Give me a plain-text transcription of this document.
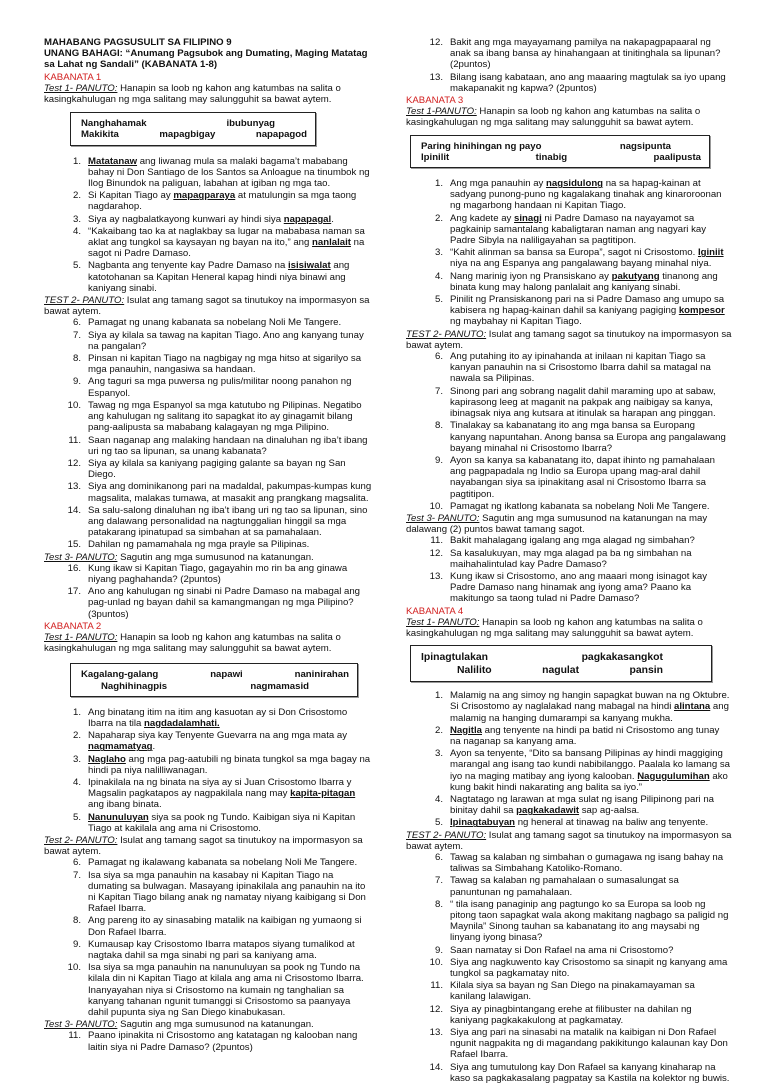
MAHABANG PAGSUSULIT SA FILIPINO 9

UNANG BAHAGI: “Anumang Pagsubok ang Dumating, Maging Matatag

sa Lahat ng Sandali” (KABANATA 1-8)

KABANATA 1

Test 1- PANUTO: Hanapin sa loob ng kahon ang katumbas na salita o kasingkahulugan ng mga salitang may salungguhit sa bawat aytem.

Nanghahamak	ibubunyag
Makikita	mapagbigay	napapagod
1. Matatanaw ang liwanag mula sa malaki bagama’t mababang bahay ni Don Santiago de los Santos sa Anloague na tinumbok ng Ilog Binundok na paliguan, labahan at igiban ng mga tao.
2. Si Kapitan Tiago ay mapagparaya at matulungin sa mga taong nagdarahop.
3. Siya ay nagbalatkayong kunwari ay hindi siya napapagal.
4. “Kakaibang tao ka at naglakbay sa lugar na mababasa naman sa aklat ang tungkol sa kaysayan ng bayan na ito,” ang nanlalait na sagot ni Padre Damaso.
5. Nagbanta ang tenyente kay Padre Damaso na isisiwalat ang katotohanan sa Kapitan Heneral kapag hindi niya binawi ang kaniyang sinabi.

TEST 2- PANUTO: Isulat ang tamang sagot sa tinutukoy na impormasyon sa bawat aytem.

6. Pamagat ng unang kabanata sa nobelang Noli Me Tangere.
7. Siya ay kilala sa tawag na kapitan Tiago. Ano ang kanyang tunay na pangalan?
8. Pinsan ni kapitan Tiago na nagbigay ng mga hitso at sigarilyo sa mga panauhin, nangasiwa sa handaan.
9. Ang taguri sa mga puwersa ng pulis/militar noong panahon ng Espanyol.
10. Tawag ng mga Espanyol sa mga katutubo ng Pilipinas. Negatibo ang kahulugan ng salitang ito sapagkat ito ay ginagamit bilang pang-aalipusta sa mababang kalagayan ng mga Pilipino.
11. Saan naganap ang malaking handaan na dinaluhan ng iba’t ibang uri ng tao sa lipunan, sa unang kabanata?
12. Siya ay kilala sa kaniyang pagiging galante sa bayan ng San Diego.
13. Siya ang dominikanong pari na madaldal, pakumpas-kumpas kung magsalita, malakas tumawa, at masakit ang prangkang magsalita.
14. Sa salu-salong dinaluhan ng iba’t ibang uri ng tao sa lipunan, sino ang dalawang personalidad na nagtunggalian hinggil sa mga patakarang ipinatupad sa simbahan at sa pamahalaan.
15. Dahilan ng pamamahala ng mga prayle sa Pilipinas.

Test 3- PANUTO: Sagutin ang mga sumusunod na katanungan.

16. Kung ikaw si Kapitan Tiago, gagayahin mo rin ba ang ginawa niyang paghahanda? (2puntos)
17. Ano ang kahulugan ng sinabi ni Padre Damaso na mabagal ang pag-unlad ng bayan dahil sa kamangmangan ng mga Pilipino? (3puntos)
KABANATA 2

Test 1- PANUTO: Hanapin sa loob ng kahon ang katumbas na salita o kasingkahulugan ng mga salitang may salungguhit sa bawat aytem.

Kagalang-galang	napawi	naninirahan
Naghihinagpis	nagmamasid
1. Ang binatang itim na itim ang kasuotan ay si Don Crisostomo Ibarra na tila nagdadalamhati.
2. Napaharap siya kay Tenyente Guevarra na ang mga mata ay nagmamatyag.
3. Naglaho ang mga pag-aatubili ng binata tungkol sa mga bagay na hindi pa niya nalilliwanagan.
4. Ipinakilala na ng binata na siya ay si Juan Crisostomo Ibarra y Magsalin pagkatapos ay nagpakilala nang may kapita-pitagan ang ibang binata.
5. Nanunuluyan siya sa pook ng Tundo. Kaibigan siya ni Kapitan Tiago at kakilala ang ama ni Crisostomo.

Test 2- PANUTO: Isulat ang tamang sagot sa tinutukoy na impormasyon sa bawat aytem.

6. Pamagat ng ikalawang kabanata sa nobelang Noli Me Tangere.
7. Isa siya sa mga panauhin na kasabay ni Kapitan Tiago na dumating sa bulwagan. Masayang ipinakilala ang panauhin na ito ni Kapitan Tiago bilang anak ng namatay niyang kaibigang si Don Rafael Ibarra.
8. Ang pareng ito ay sinasabing matalik na kaibigan ng yumaong si Don Rafael Ibarra.
9. Kumausap kay Crisostomo Ibarra matapos siyang tumalikod at nagtaka dahil sa mga sinabi ng pari sa kaniyang ama.
10. Isa siya sa mga panauhin na nanunuluyan sa pook ng Tundo na kilala din ni Kapitan Tiago at kilala ang ama ni Crisostomo Ibarra. Inanyayahan niya si Crisostomo na kumain ng tanghalian sa kanyang tahanan ngunit tumanggi si Crisostomo sa paanyaya dahil pupunta siya ng San Diego kinabukasan.

Test 3- PANUTO: Sagutin ang mga sumusunod na katanungan.

11. Paano ipinakita ni Crisostomo ang katatagan ng kalooban nang laitin siya ni Padre Damaso? (2puntos)
12. Bakit ang mga mayayamang pamilya na nakapagpapaaral ng anak sa ibang bansa ay hinahangaan at tinitinghala sa lipunan? (2puntos)
13. Bilang isang kabataan, ano ang maaaring magtulak sa iyo upang makapanakit ng kapwa? (2puntos)
KABANATA 3

Test 1-PANUTO: Hanapin sa loob ng kahon ang katumbas na salita o kasingkahulugan ng mga salitang may salungguhit sa bawat aytem.

Paring hinihingan ng payo	nagsipunta
Ipinilit	tinabig	paalipusta
1. Ang mga panauhin ay nagsidulong na sa hapag-kainan at sadyang punong-puno ng kagalakang tinahak ang kinaroroonan ng magarbong handaan ni Kapitan Tiago.
2. Ang kadete ay sinagi ni Padre Damaso na nayayamot sa pagkainip samantalang kabaligtaran naman ang nagyari kay Padre Sibyla na naliligayahan sa pagtitipon.
3. “Kahit alinman sa bansa sa Europa”, sagot ni Crisostomo. Iginiit niya na ang Espanya ang pangalawang bayang minahal niya.
4. Nang marinig iyon ng Pransiskano ay pakutyang tinanong ang binata kung may halong panlalait ang kaniyang sinabi.
5. Pinilit ng Pransiskanong pari na si Padre Damaso ang umupo sa kabisera ng hapag-kainan dahil sa kaniyang pagiging kompesor ng maybahay ni Kapitan Tiago.

TEST 2- PANUTO: Isulat ang tamang sagot sa tinutukoy na impormasyon sa bawat aytem.

6. Ang putahing ito ay ipinahanda at inilaan ni kapitan Tiago sa kanyan panauhin na si Crisostomo Ibarra dahil sa matagal na nawala sa Pilipinas.
7. Sinong pari ang sobrang nagalit dahil maraming upo at sabaw, kapirasong leeg at maganit na pakpak ang naibigay sa kanya, ibinagsak niya ang kutsara at itinulak sa harapan ang pinggan.
8. Tinalakay sa kabanatang ito ang mga bansa sa Europang kanyang napuntahan. Anong bansa sa Europa ang pangalawang bayang minahal ni Crisostomo Ibarra?
9. Ayon sa kanya sa kabanatang ito, dapat ihinto ng pamahalaan ang pagpapadala ng Indio sa Europa upang mag-aral dahil nayabangan siya sa ipinakitang asal ni Crisostomo Ibarra sa pagtitipon.
10. Pamagat ng ikatlong kabanata sa nobelang Noli Me Tangere.

Test 3- PANUTO: Sagutin ang mga sumusunod na katanungan na may dalawang (2) puntos bawat tamang sagot.

11. Bakit mahalagang igalang ang mga alagad ng simbahan?
12. Sa kasalukuyan, may mga alagad pa ba ng simbahan na maihahalintulad kay Padre Damaso?
13. Kung ikaw si Crisostomo, ano ang maaari mong isinagot kay Padre Damaso nang hinamak ang iyong ama? Paano ka makitungo sa taong tulad ni Padre Damaso?
KABANATA 4

Test 1- PANUTO: Hanapin sa loob ng kahon ang katumbas na salita o kasingkahulugan ng mga salitang may salungguhit sa bawat aytem.

Ipinagtulakan	pagkakasangkot
Nalilito	nagulat	pansin
1. Malamig na ang simoy ng hangin sapagkat buwan na ng Oktubre. Si Crisostomo ay naglalakad nang mabagal na hindi alintana ang malamig na hanging dumarampi sa kanyang mukha.
2. Nagitla ang tenyente na hindi pa batid ni Crisostomo ang tunay na naganap sa kanyang ama.
3. Ayon sa tenyente, “Dito sa bansang Pilipinas ay hindi maggiging marangal ang isang tao kundi nabibilanggo. Paalala ko lamang sa iyo na maging matibay ang iyong kalooban. Nagugulumihan ako kung bakit hindi nakarating ang balita sa iyo.”
4. Nagtatago ng larawan at mga sulat ng isang Pilipinong pari na binitay dahil sa pagkakadawit sap ag-aalsa.
5. Ipinagtabuyan ng heneral at tinawag na baliw ang tenyente.

TEST 2- PANUTO: Isulat ang tamang sagot sa tinutukoy na impormasyon sa bawat aytem.

6. Tawag sa kalaban ng simbahan o gumagawa ng isang bahay na taliwas sa Simbahang Katoliko-Romano.
7. Tawag sa kalaban ng pamahalaan o sumasalungat sa panuntunan ng pamahalaan.
8. “ tila isang panaginip ang pagtungo ko sa Europa sa loob ng pitong taon sapagkat wala akong makitang nagbago sa paligid ng Maynila” Sinong tauhan sa kabanatang ito ang maysabi ng linyang iyong binasa?
9. Saan namatay si Don Rafael na ama ni Crisostomo?
10. Siya ang nagkuwento kay Crisostomo sa sinapit ng kanyang ama tungkol sa pagkamatay nito.
11. Kilala siya sa bayan ng San Diego na pinakamayaman sa kanilang lalawigan.
12. Siya ay pinagbintangang erehe at filibuster na dahilan ng kaniyang pagkakakulong at pagkamatay.
13. Siya ang pari na sinasabi na matalik na kaibigan ni Don Rafael ngunit nagpakita ng di magandang pakikitungo kalaunan kay Don Rafael Ibarra.
14. Siya ang tumutulong kay Don Rafael sa kanyang kinaharap na kaso sa pagkakasalang pagpatay sa Kastila na kolektor ng buwis.
